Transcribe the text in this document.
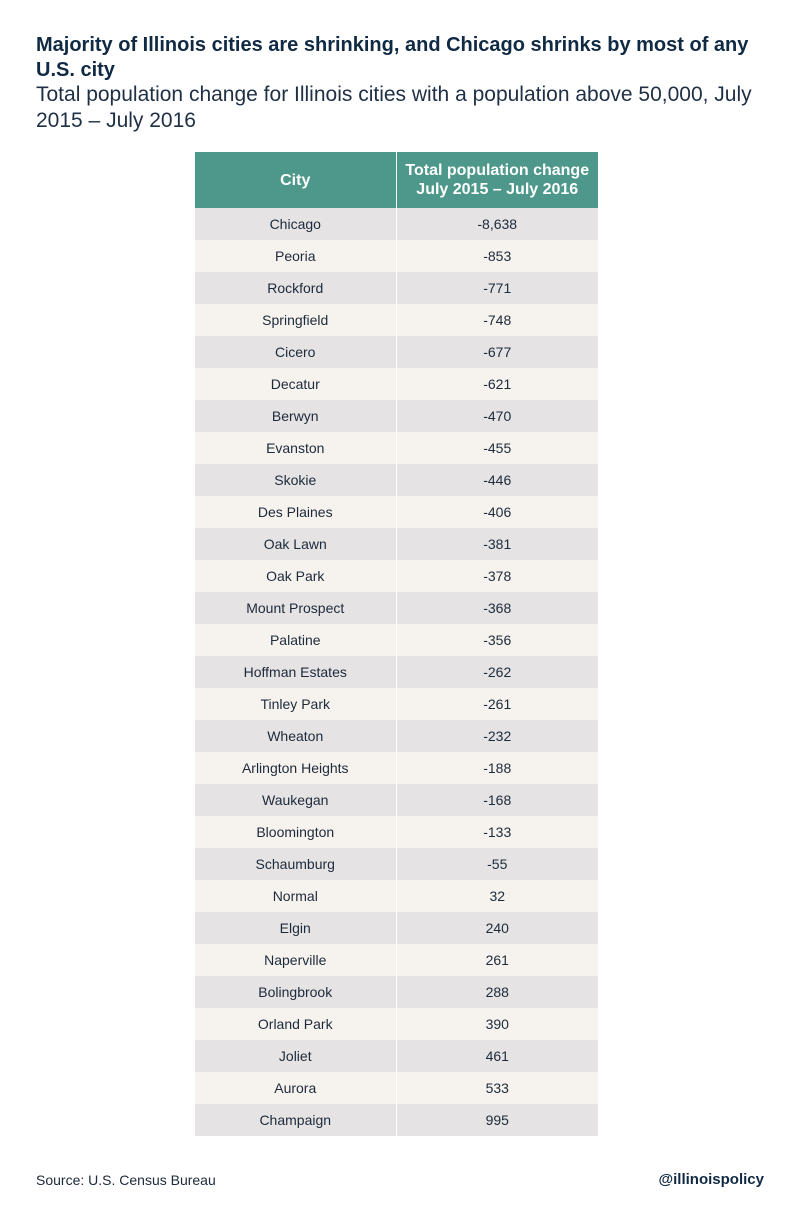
Majority of Illinois cities are shrinking, and Chicago shrinks by most of any U.S. city
Total population change for Illinois cities with a population above 50,000, July 2015 – July 2016
City	Total population change
July 2015 – July 2016
Chicago	-8,638
Peoria	-853
Rockford	-771
Springfield	-748
Cicero	-677
Decatur	-621
Berwyn	-470
Evanston	-455
Skokie	-446
Des Plaines	-406
Oak Lawn	-381
Oak Park	-378
Mount Prospect	-368
Palatine	-356
Hoffman Estates	-262
Tinley Park	-261
Wheaton	-232
Arlington Heights	-188
Waukegan	-168
Bloomington	-133
Schaumburg	-55
Normal	32
Elgin	240
Naperville	261
Bolingbrook	288
Orland Park	390
Joliet	461
Aurora	533
Champaign	995
Source: U.S. Census Bureau	@illinoispolicy
